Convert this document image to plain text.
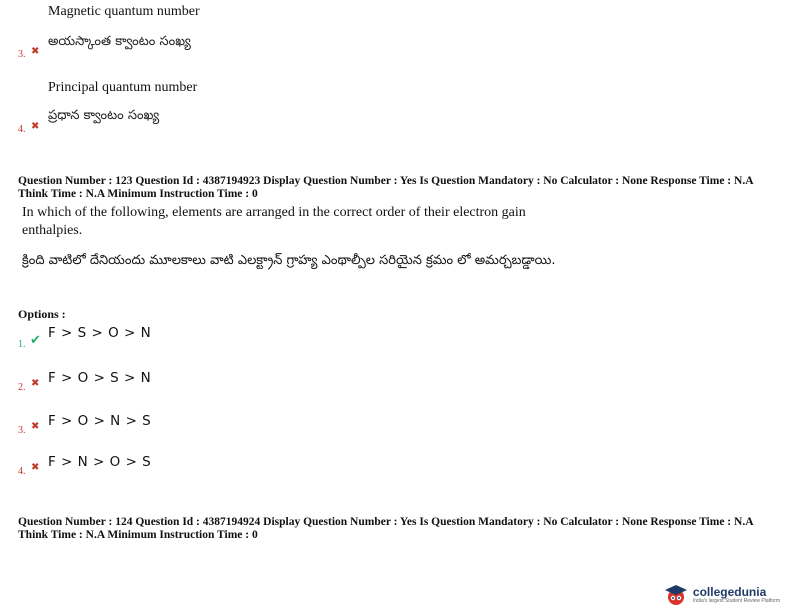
Magnetic quantum number
అయస్కాంత క్వాంటం సంఖ్య
3. ✖
Principal quantum number
ప్రధాన క్వాంటం సంఖ్య
4. ✖
Question Number : 123 Question Id : 4387194923 Display Question Number : Yes Is Question Mandatory : No Calculator : None Response Time : N.A Think Time : N.A Minimum Instruction Time : 0
In which of the following, elements are arranged in the correct order of their electron gain enthalpies.
క్రింది వాటిలో దేనియందు మూలకాలు వాటి ఎలక్ట్రాన్ గ్రాహ్య ఎంథాల్పీల సరియైన క్రమం లో అమర్చబడ్డాయి.
Options :
F > S > O > N
1. ✔
F > O > S > N
2. ✖
F > O > N > S
3. ✖
F > N > O > S
4. ✖
Question Number : 124 Question Id : 4387194924 Display Question Number : Yes Is Question Mandatory : No Calculator : None Response Time : N.A Think Time : N.A Minimum Instruction Time : 0
collegedunia
India's largest Student Review Platform
